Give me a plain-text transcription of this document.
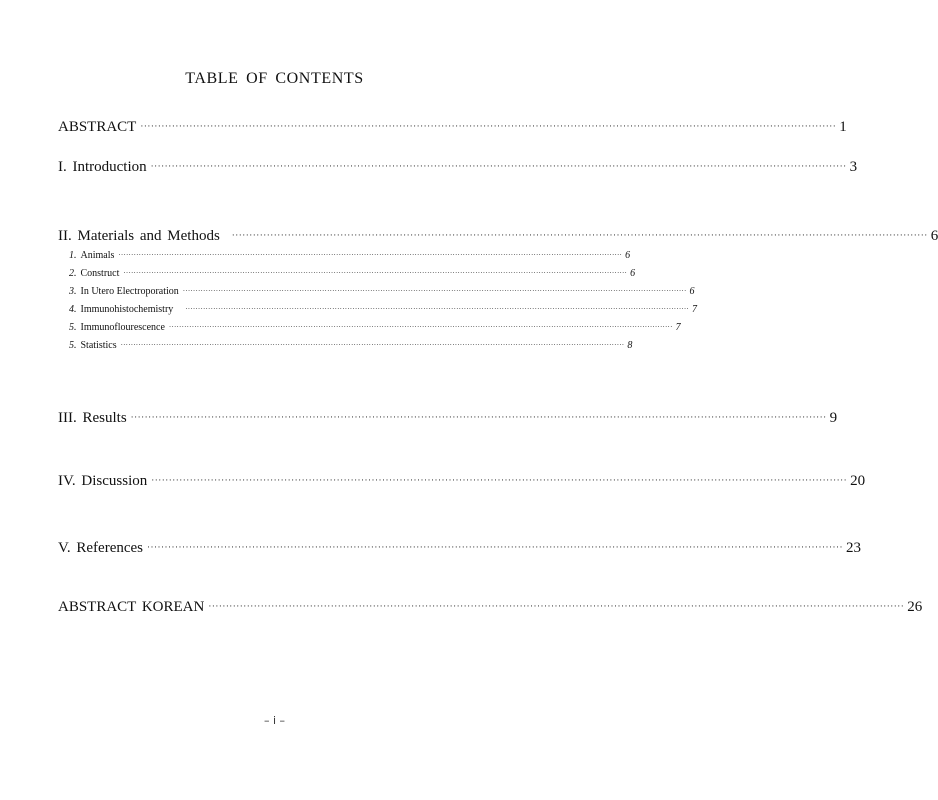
TABLE OF CONTENTS
ABSTRACT ······································································································································································································· 1
I. Introduction ······································································································································································································· 3
II. Materials and Methods	······································································································································································································· 6
1. Animals ······································································································································································································· 6
2. Construct ······································································································································································································· 6
3. In Utero Electroporation ······································································································································································································· 6
4. Immunohistochemistry	······································································································································································································· 7
5. Immunoflourescence ······································································································································································································· 7
5. Statistics ······································································································································································································· 8
III. Results ······································································································································································································· 9
IV. Discussion ······································································································································································································· 20
V. References ······································································································································································································· 23
ABSTRACT KOREAN ······································································································································································································· 26
– i –
